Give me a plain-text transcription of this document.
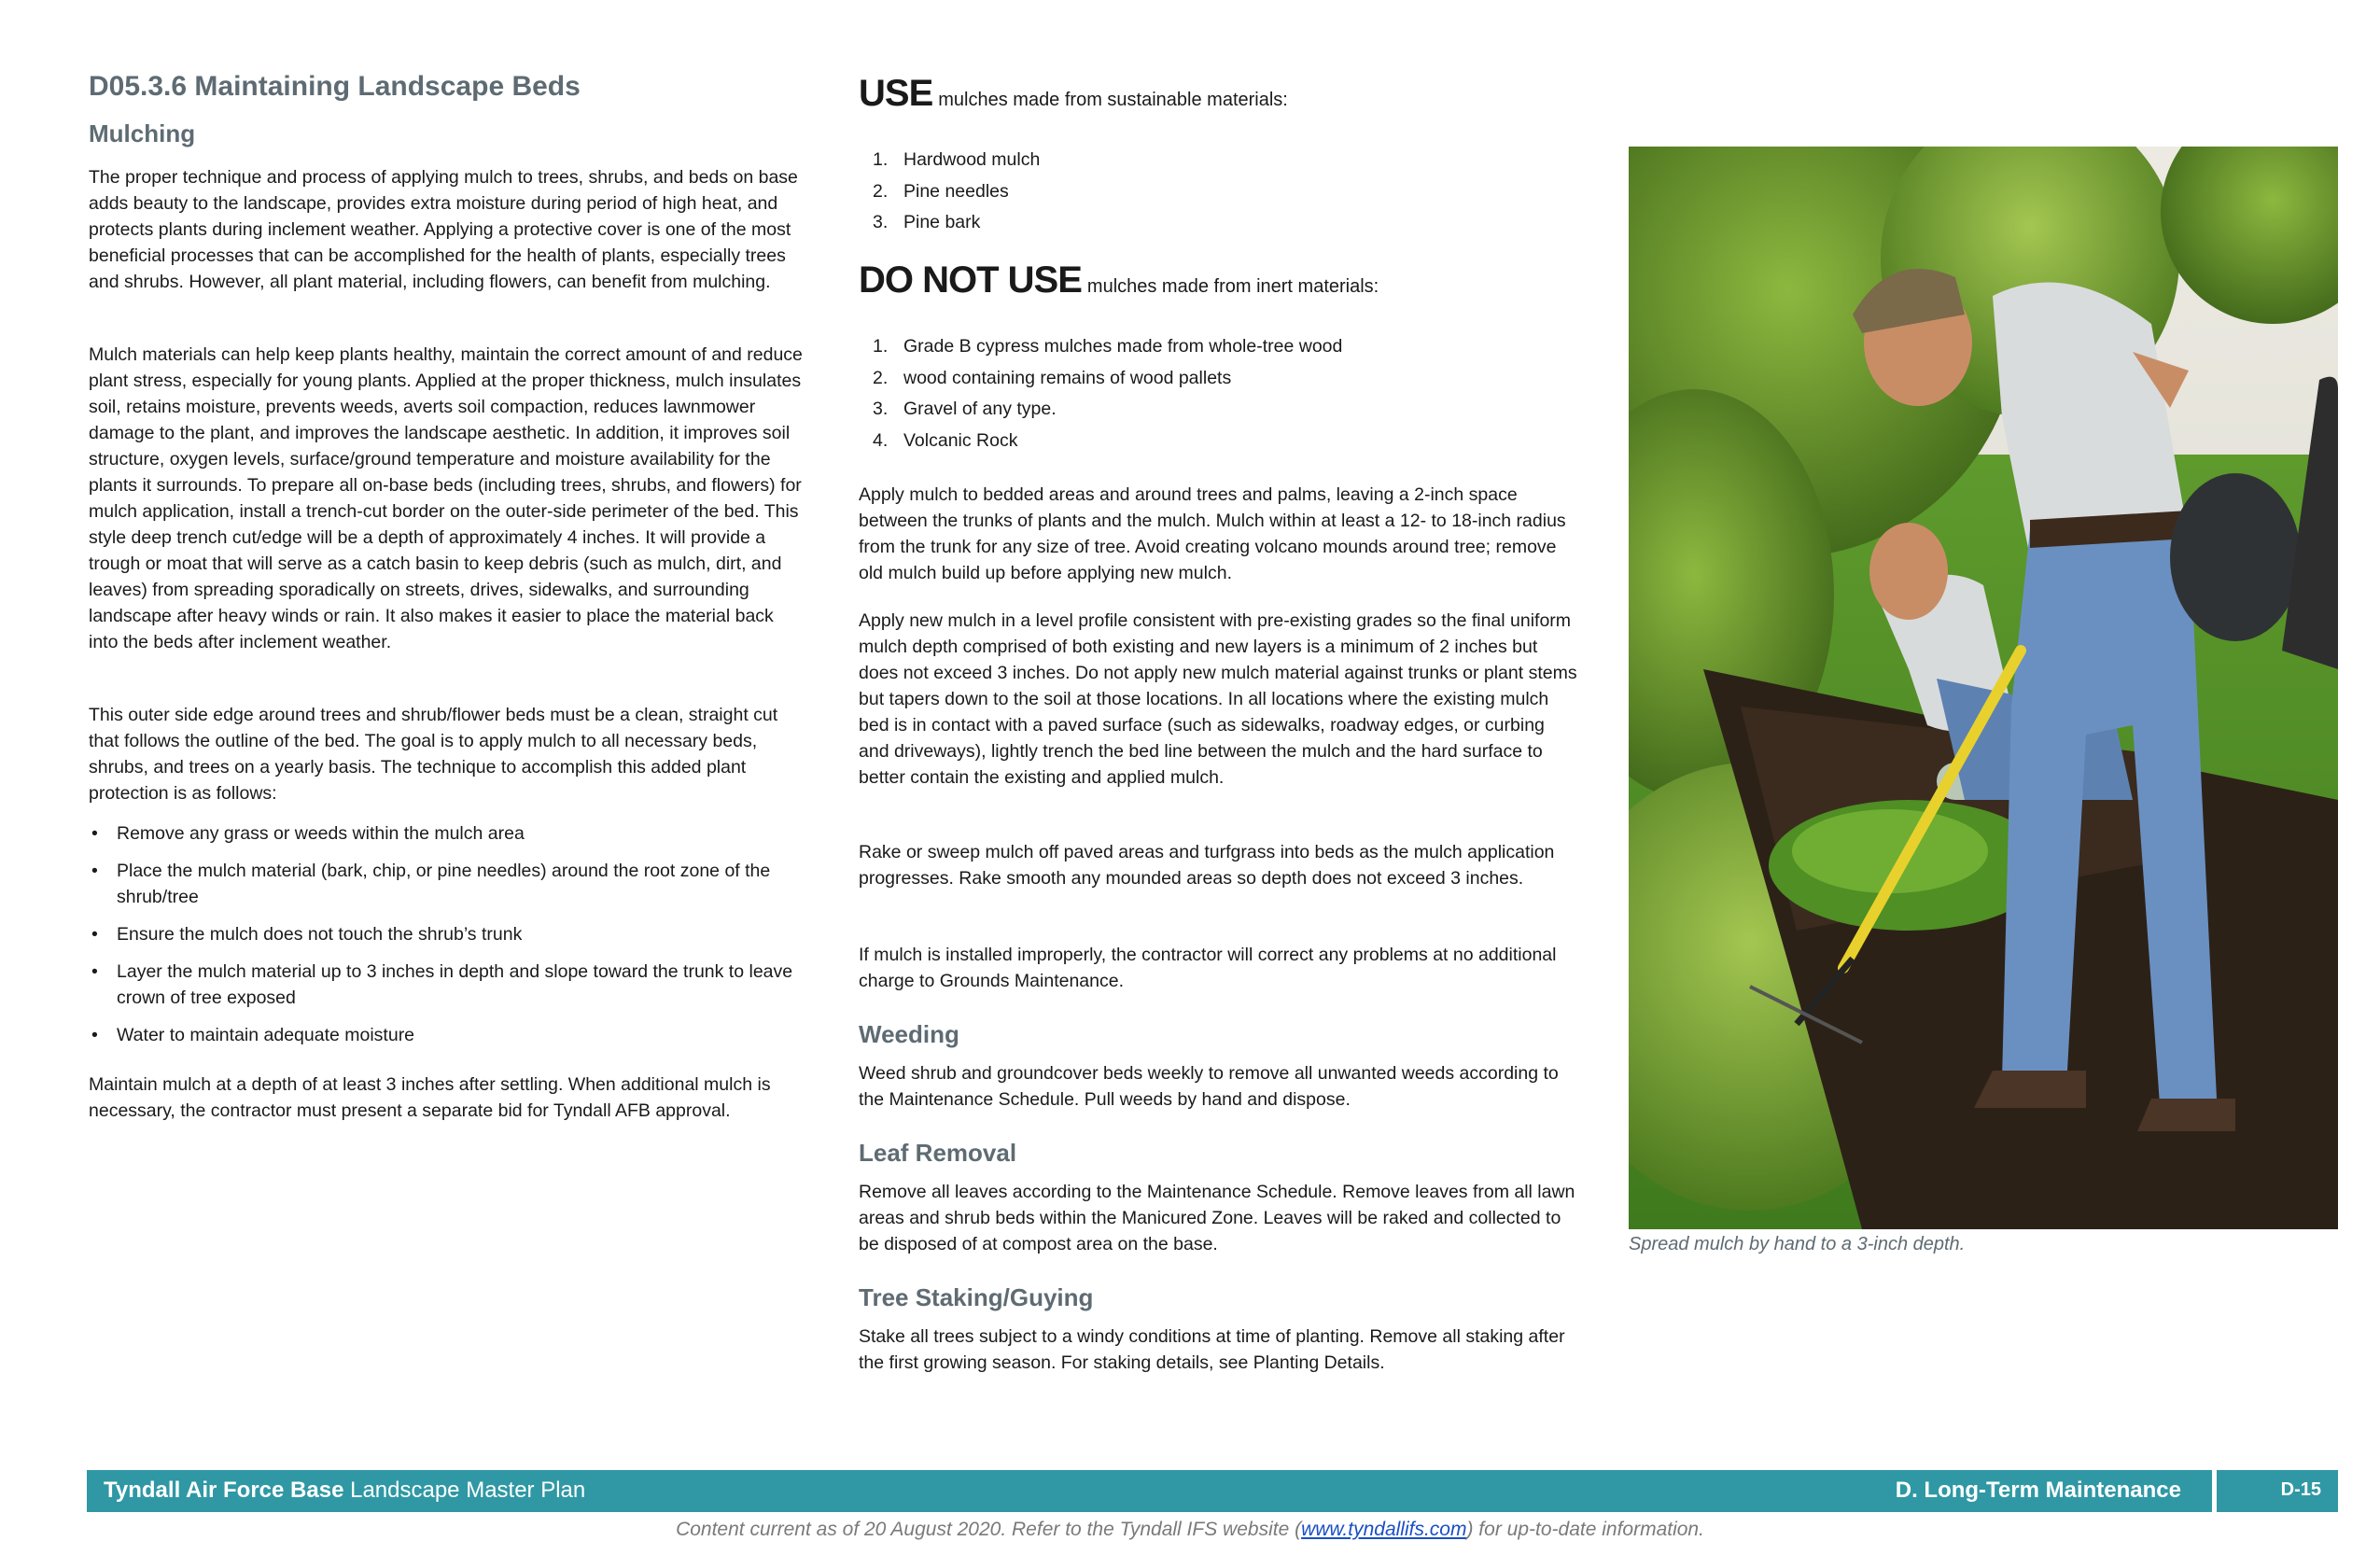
D05.3.6 Maintaining Landscape Beds
Mulching

The proper technique and process of applying mulch to trees, shrubs, and beds on base adds beauty to the landscape, provides extra moisture during period of high heat, and protects plants during inclement weather. Applying a protective cover is one of the most beneficial processes that can be accomplished for the health of plants, especially trees and shrubs. However, all plant material, including flowers, can benefit from mulching.

Mulch materials can help keep plants healthy, maintain the correct amount of and reduce plant stress, especially for young plants. Applied at the proper thickness, mulch insulates soil, retains moisture, prevents weeds, averts soil compaction, reduces lawnmower damage to the plant, and improves the landscape aesthetic. In addition, it improves soil structure, oxygen levels, surface/ground temperature and moisture availability for the plants it surrounds. To prepare all on-base beds (including trees, shrubs, and flowers) for mulch application, install a trench-cut border on the outer-side perimeter of the bed. This style deep trench cut/edge will be a depth of approximately 4 inches. It will provide a trough or moat that will serve as a catch basin to keep debris (such as mulch, dirt, and leaves) from spreading sporadically on streets, drives, sidewalks, and surrounding landscape after heavy winds or rain. It also makes it easier to place the material back into the beds after inclement weather.

This outer side edge around trees and shrub/flower beds must be a clean, straight cut that follows the outline of the bed. The goal is to apply mulch to all necessary beds, shrubs, and trees on a yearly basis. The technique to accomplish this added plant protection is as follows:

• Remove any grass or weeds within the mulch area
• Place the mulch material (bark, chip, or pine needles) around the root zone of the shrub/tree
• Ensure the mulch does not touch the shrub’s trunk
• Layer the mulch material up to 3 inches in depth and slope toward the trunk to leave crown of tree exposed
• Water to maintain adequate moisture

Maintain mulch at a depth of at least 3 inches after settling. When additional mulch is necessary, the contractor must present a separate bid for Tyndall AFB approval.

USE mulches made from sustainable materials:

1. Hardwood mulch
2. Pine needles
3. Pine bark

DO NOT USE mulches made from inert materials:

1. Grade B cypress mulches made from whole-tree wood
2. wood containing remains of wood pallets
3. Gravel of any type.
4. Volcanic Rock

Apply mulch to bedded areas and around trees and palms, leaving a 2-inch space between the trunks of plants and the mulch. Mulch within at least a 12- to 18-inch radius from the trunk for any size of tree. Avoid creating volcano mounds around tree; remove old mulch build up before applying new mulch.

Apply new mulch in a level profile consistent with pre-existing grades so the final uniform mulch depth comprised of both existing and new layers is a minimum of 2 inches but does not exceed 3 inches. Do not apply new mulch material against trunks or plant stems but tapers down to the soil at those locations. In all locations where the existing mulch bed is in contact with a paved surface (such as sidewalks, roadway edges, or curbing and driveways), lightly trench the bed line between the mulch and the hard surface to better contain the existing and applied mulch.

Rake or sweep mulch off paved areas and turfgrass into beds as the mulch application progresses. Rake smooth any mounded areas so depth does not exceed 3 inches.

If mulch is installed improperly, the contractor will correct any problems at no additional charge to Grounds Maintenance.

Weeding

Weed shrub and groundcover beds weekly to remove all unwanted weeds according to the Maintenance Schedule. Pull weeds by hand and dispose.

Leaf Removal

Remove all leaves according to the Maintenance Schedule. Remove leaves from all lawn areas and shrub beds within the Manicured Zone. Leaves will be raked and collected to be disposed of at compost area on the base.

Tree Staking/Guying

Stake all trees subject to a windy conditions at time of planting. Remove all staking after the first growing season. For staking details, see Planting Details.

Spread mulch by hand to a 3-inch depth.

Tyndall Air Force Base Landscape Master Plan	D. Long-Term Maintenance	D-15

Content current as of 20 August 2020. Refer to the Tyndall IFS website (www.tyndallifs.com) for up-to-date information.
